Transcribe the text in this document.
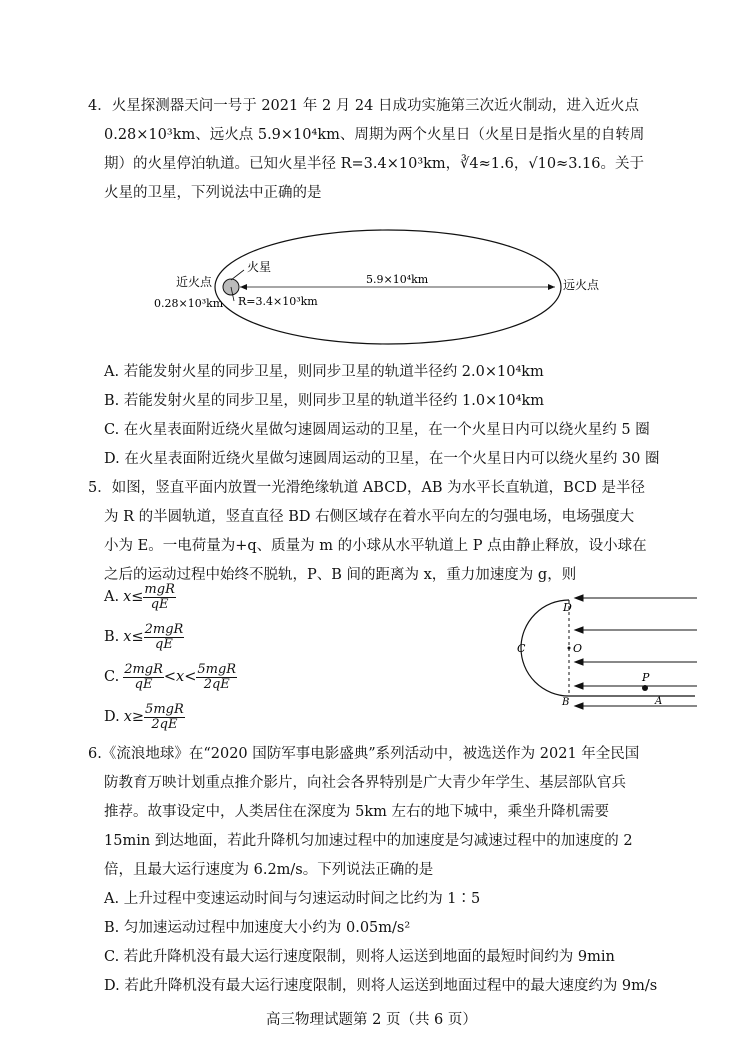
4．火星探测器天问一号于 2021 年 2 月 24 日成功实施第三次近火制动，进入近火点
0.28×10³km、远火点 5.9×10⁴km、周期为两个火星日（火星日是指火星的自转周
期）的火星停泊轨道。已知火星半径 R=3.4×10³km，∛4≈1.6，√10≈3.16。关于
火星的卫星，下列说法中正确的是
火星
近火点
0.28×10³km R=3.4×10³km
5.9×10⁴km	远火点
A. 若能发射火星的同步卫星，则同步卫星的轨道半径约 2.0×10⁴km
B. 若能发射火星的同步卫星，则同步卫星的轨道半径约 1.0×10⁴km
C. 在火星表面附近绕火星做匀速圆周运动的卫星，在一个火星日内可以绕火星约 5 圈
D. 在火星表面附近绕火星做匀速圆周运动的卫星，在一个火星日内可以绕火星约 30 圈
5．如图，竖直平面内放置一光滑绝缘轨道 ABCD，AB 为水平长直轨道，BCD 是半径
为 R 的半圆轨道，竖直直径 BD 右侧区域存在着水平向左的匀强电场，电场强度大
小为 E。一电荷量为+q、质量为 m 的小球从水平轨道上 P 点由静止释放，设小球在
之后的运动过程中始终不脱轨，P、B 间的距离为 x，重力加速度为 g，则
A. $x\le \frac{\text{mgR}}{qE}$
B. $x\le \frac{\text{2mgR}}{qE}$
C. $\frac{\text{2mgR}}{qE} <x< \frac{\text{5mgR}}{2qE}$
D. $x\ge \frac{\text{5mgR}}{2qE}$
D
C	O
B
P
A
6.《流浪地球》在“2020 国防军事电影盛典”系列活动中，被选送作为 2021 年全民国
防教育万映计划重点推介影片，向社会各界特别是广大青少年学生、基层部队官兵
推荐。故事设定中，人类居住在深度为 5km 左右的地下城中，乘坐升降机需要
15min 到达地面，若此升降机匀加速过程中的加速度是匀减速过程中的加速度的 2
倍，且最大运行速度为 6.2m/s。下列说法正确的是
A. 上升过程中变速运动时间与匀速运动时间之比约为 1∶5
B. 匀加速运动过程中加速度大小约为 0.05m/s²
C. 若此升降机没有最大运行速度限制，则将人运送到地面的最短时间约为 9min
D. 若此升降机没有最大运行速度限制，则将人运送到地面过程中的最大速度约为 9m/s
高三物理试题第 2 页（共 6 页）
